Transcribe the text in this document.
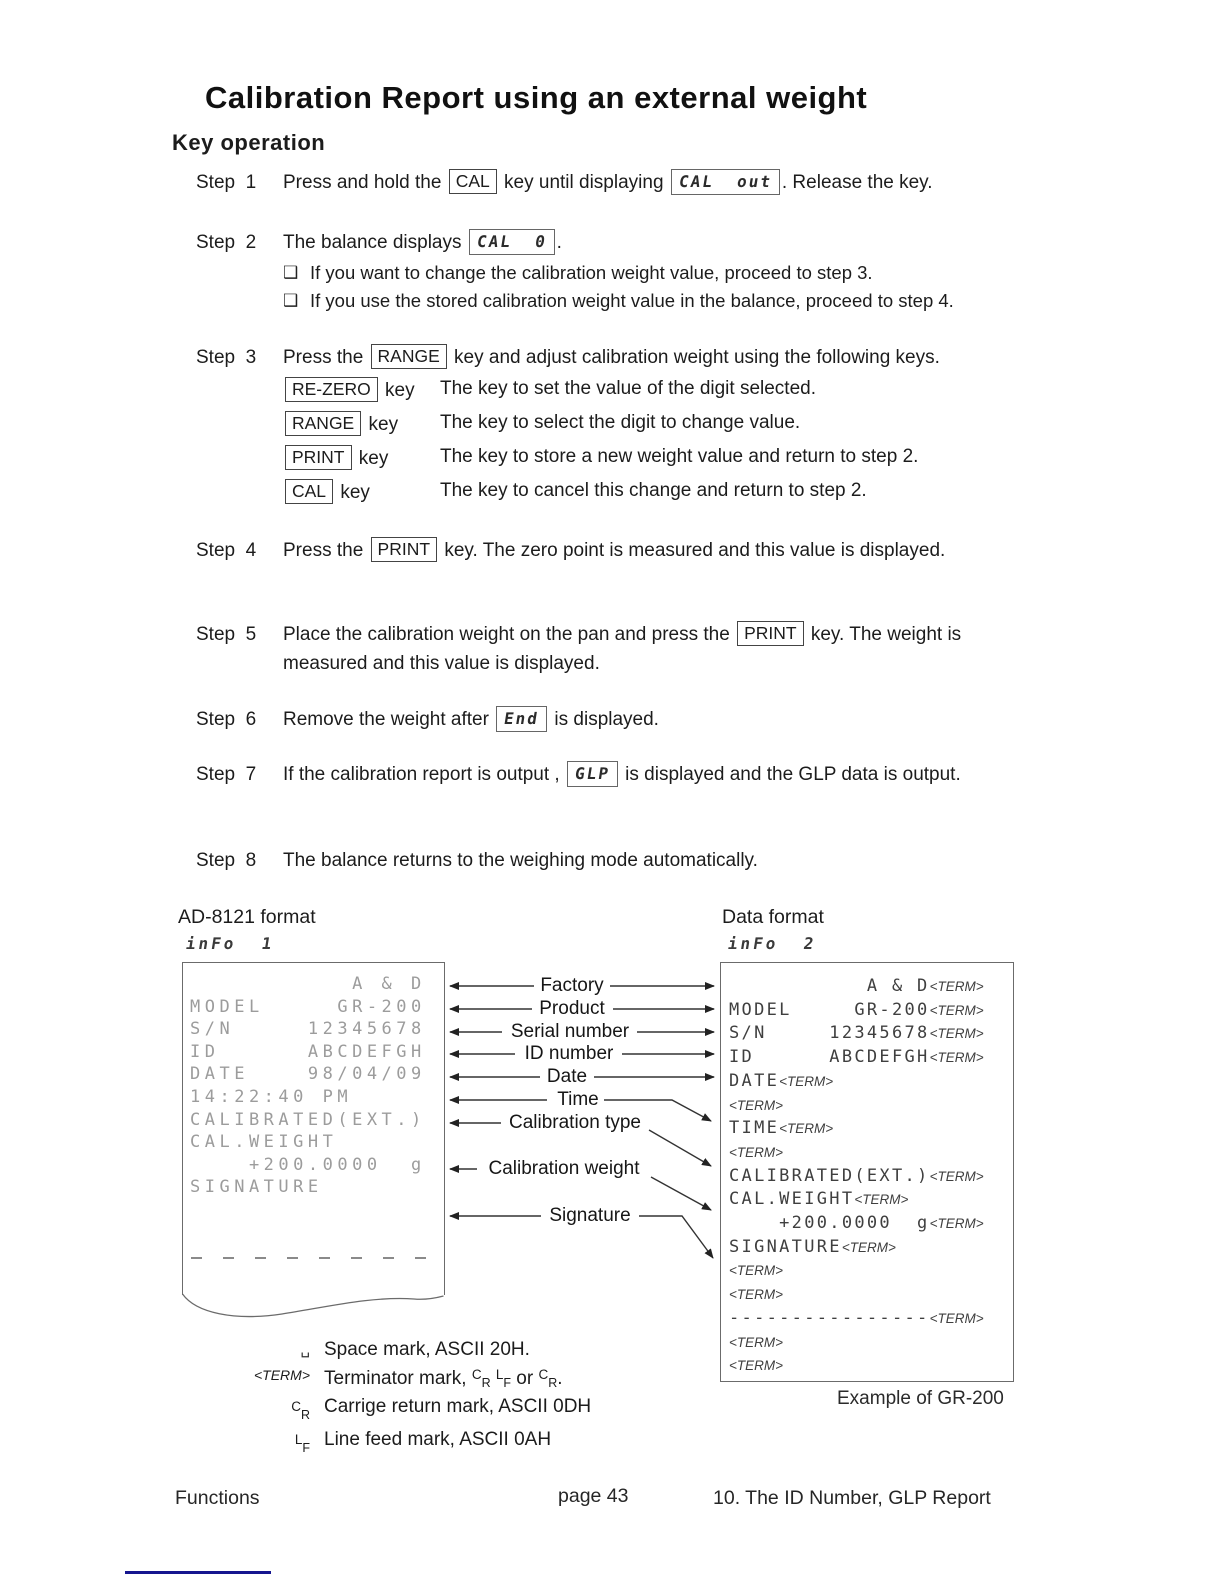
Calibration Report using an external weight
Key operation
Step  1	Press and hold the CAL key until displaying CAL  out . Release the key.
Step  2	The balance displays CAL  0 .
❑ If you want to change the calibration weight value, proceed to step 3.
❑ If you use the stored calibration weight value in the balance, proceed to step 4.
Step  3	Press the RANGE key and adjust calibration weight using the following keys.
RE-ZERO key	The key to set the value of the digit selected.
RANGE key	The key to select the digit to change value.
PRINT key	The key to store a new weight value and return to step 2.
CAL key	The key to cancel this change and return to step 2.
Step  4	Press the PRINT key. The zero point is measured and this value is displayed.
Step  5	Place the calibration weight on the pan and press the PRINT key. The weight is measured and this value is displayed.
Step  6	Remove the weight after End is displayed.
Step  7	If the calibration report is output , GLP is displayed and the GLP data is output.
Step  8	The balance returns to the weighing mode automatically.
AD-8121 format
inFo  1
Data format
inFo  2
A & D
MODEL     GR-200
S/N     12345678
ID      ABCDEFGH
DATE    98/04/09
14:22:40 PM
CALIBRATED(EXT.)
CAL.WEIGHT
+200.0000  g
SIGNATURE
A & D<TERM>
MODEL     GR-200<TERM>
S/N     12345678<TERM>
ID      ABCDEFGH<TERM>
DATE<TERM>
<TERM>
TIME<TERM>
<TERM>
CALIBRATED(EXT.)<TERM>
CAL.WEIGHT<TERM>
+200.0000  g<TERM>
SIGNATURE<TERM>
<TERM>
<TERM>
----------------<TERM>
<TERM>
<TERM>
Example of GR-200
Factory
Product
Serial number
ID number
Date
Time
Calibration type
Calibration weight
Signature
␣ Space mark, ASCII 20H.
<TERM> Terminator mark, $^C_R$ $^L_F$ or $^C_R$.
$^C_R$ Carrige return mark, ASCII 0DH
$^L_F$ Line feed mark, ASCII 0AH
Functions	page 43	10. The ID Number, GLP Report
